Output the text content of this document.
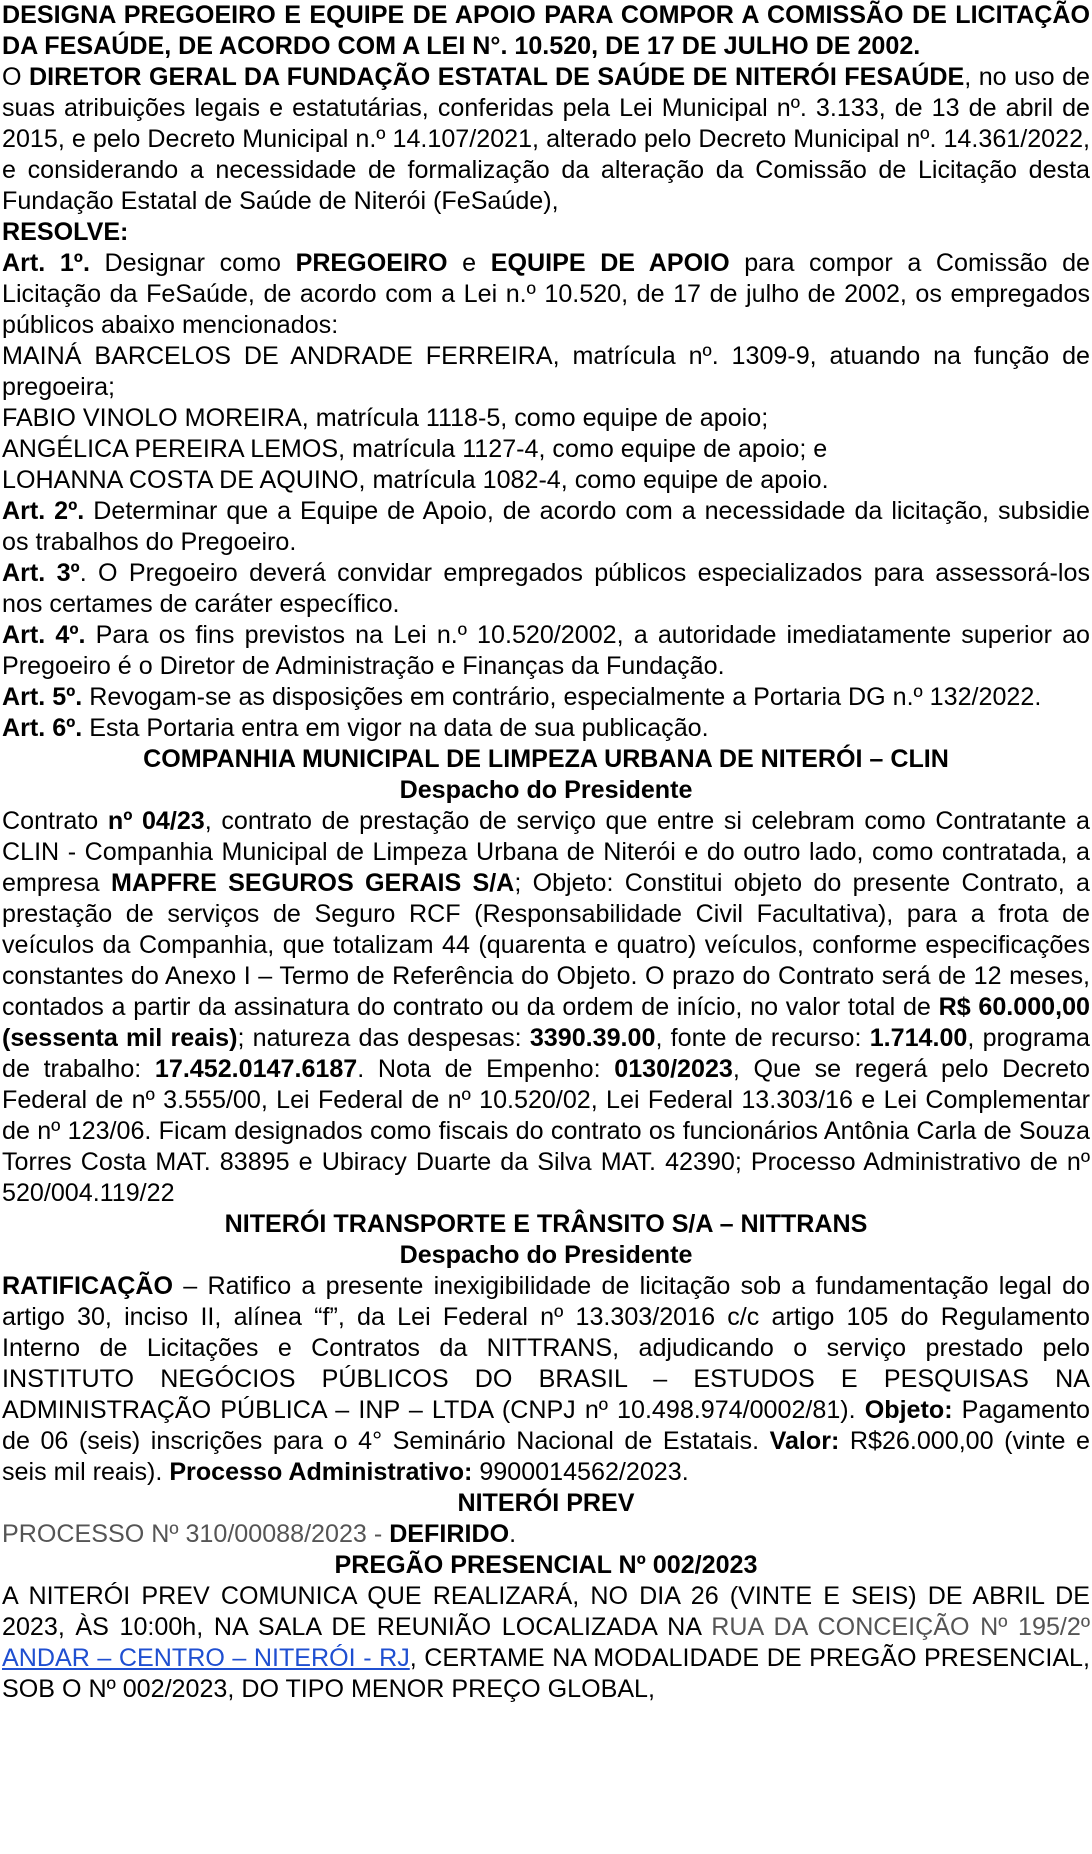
DESIGNA PREGOEIRO E EQUIPE DE APOIO PARA COMPOR A COMISSÃO DE LICITAÇÃO DA FESAÚDE, DE ACORDO COM A LEI N°. 10.520, DE 17 DE JULHO DE 2002.

O DIRETOR GERAL DA FUNDAÇÃO ESTATAL DE SAÚDE DE NITERÓI FESAÚDE, no uso de suas atribuições legais e estatutárias, conferidas pela Lei Municipal nº. 3.133, de 13 de abril de 2015, e pelo Decreto Municipal n.º 14.107/2021, alterado pelo Decreto Municipal nº. 14.361/2022, e considerando a necessidade de formalização da alteração da Comissão de Licitação desta Fundação Estatal de Saúde de Niterói (FeSaúde),

RESOLVE:

Art. 1º. Designar como PREGOEIRO e EQUIPE DE APOIO para compor a Comissão de Licitação da FeSaúde, de acordo com a Lei n.º 10.520, de 17 de julho de 2002, os empregados públicos abaixo mencionados:

MAINÁ BARCELOS DE ANDRADE FERREIRA, matrícula nº. 1309-9, atuando na função de pregoeira;

FABIO VINOLO MOREIRA, matrícula 1118-5, como equipe de apoio;

ANGÉLICA PEREIRA LEMOS, matrícula 1127-4, como equipe de apoio; e

LOHANNA COSTA DE AQUINO, matrícula 1082-4, como equipe de apoio.

Art. 2º. Determinar que a Equipe de Apoio, de acordo com a necessidade da licitação, subsidie os trabalhos do Pregoeiro.

Art. 3º. O Pregoeiro deverá convidar empregados públicos especializados para assessorá-los nos certames de caráter específico.

Art. 4º. Para os fins previstos na Lei n.º 10.520/2002, a autoridade imediatamente superior ao Pregoeiro é o Diretor de Administração e Finanças da Fundação.

Art. 5º. Revogam-se as disposições em contrário, especialmente a Portaria DG n.º 132/2022.

Art. 6º. Esta Portaria entra em vigor na data de sua publicação.

COMPANHIA MUNICIPAL DE LIMPEZA URBANA DE NITERÓI – CLIN

Despacho do Presidente

Contrato nº 04/23, contrato de prestação de serviço que entre si celebram como Contratante a CLIN - Companhia Municipal de Limpeza Urbana de Niterói e do outro lado, como contratada, a empresa MAPFRE SEGUROS GERAIS S/A; Objeto: Constitui objeto do presente Contrato, a prestação de serviços de Seguro RCF (Responsabilidade Civil Facultativa), para a frota de veículos da Companhia, que totalizam 44 (quarenta e quatro) veículos, conforme especificações constantes do Anexo I – Termo de Referência do Objeto. O prazo do Contrato será de 12 meses, contados a partir da assinatura do contrato ou da ordem de início, no valor total de R$ 60.000,00 (sessenta mil reais); natureza das despesas: 3390.39.00, fonte de recurso: 1.714.00, programa de trabalho: 17.452.0147.6187. Nota de Empenho: 0130/2023, Que se regerá pelo Decreto Federal de nº 3.555/00, Lei Federal de nº 10.520/02, Lei Federal 13.303/16 e Lei Complementar de nº 123/06. Ficam designados como fiscais do contrato os funcionários Antônia Carla de Souza Torres Costa MAT. 83895 e Ubiracy Duarte da Silva MAT. 42390; Processo Administrativo de nº 520/004.119/22

NITERÓI TRANSPORTE E TRÂNSITO S/A – NITTRANS

Despacho do Presidente

RATIFICAÇÃO – Ratifico a presente inexigibilidade de licitação sob a fundamentação legal do artigo 30, inciso II, alínea “f”, da Lei Federal nº 13.303/2016 c/c artigo 105 do Regulamento Interno de Licitações e Contratos da NITTRANS, adjudicando o serviço prestado pelo INSTITUTO NEGÓCIOS PÚBLICOS DO BRASIL – ESTUDOS E PESQUISAS NA ADMINISTRAÇÃO PÚBLICA – INP – LTDA (CNPJ nº 10.498.974/0002/81). Objeto: Pagamento de 06 (seis) inscrições para o 4° Seminário Nacional de Estatais. Valor: R$26.000,00 (vinte e seis mil reais). Processo Administrativo: 9900014562/2023.

NITERÓI PREV

PROCESSO Nº 310/00088/2023 - DEFIRIDO.

PREGÃO PRESENCIAL Nº 002/2023

A NITERÓI PREV COMUNICA QUE REALIZARÁ, NO DIA 26 (VINTE E SEIS) DE ABRIL DE 2023, ÀS 10:00h, NA SALA DE REUNIÃO LOCALIZADA NA RUA DA CONCEIÇÃO Nº 195/2º ANDAR – CENTRO – NITERÓI - RJ, CERTAME NA MODALIDADE DE PREGÃO PRESENCIAL, SOB O Nº 002/2023, DO TIPO MENOR PREÇO GLOBAL,
